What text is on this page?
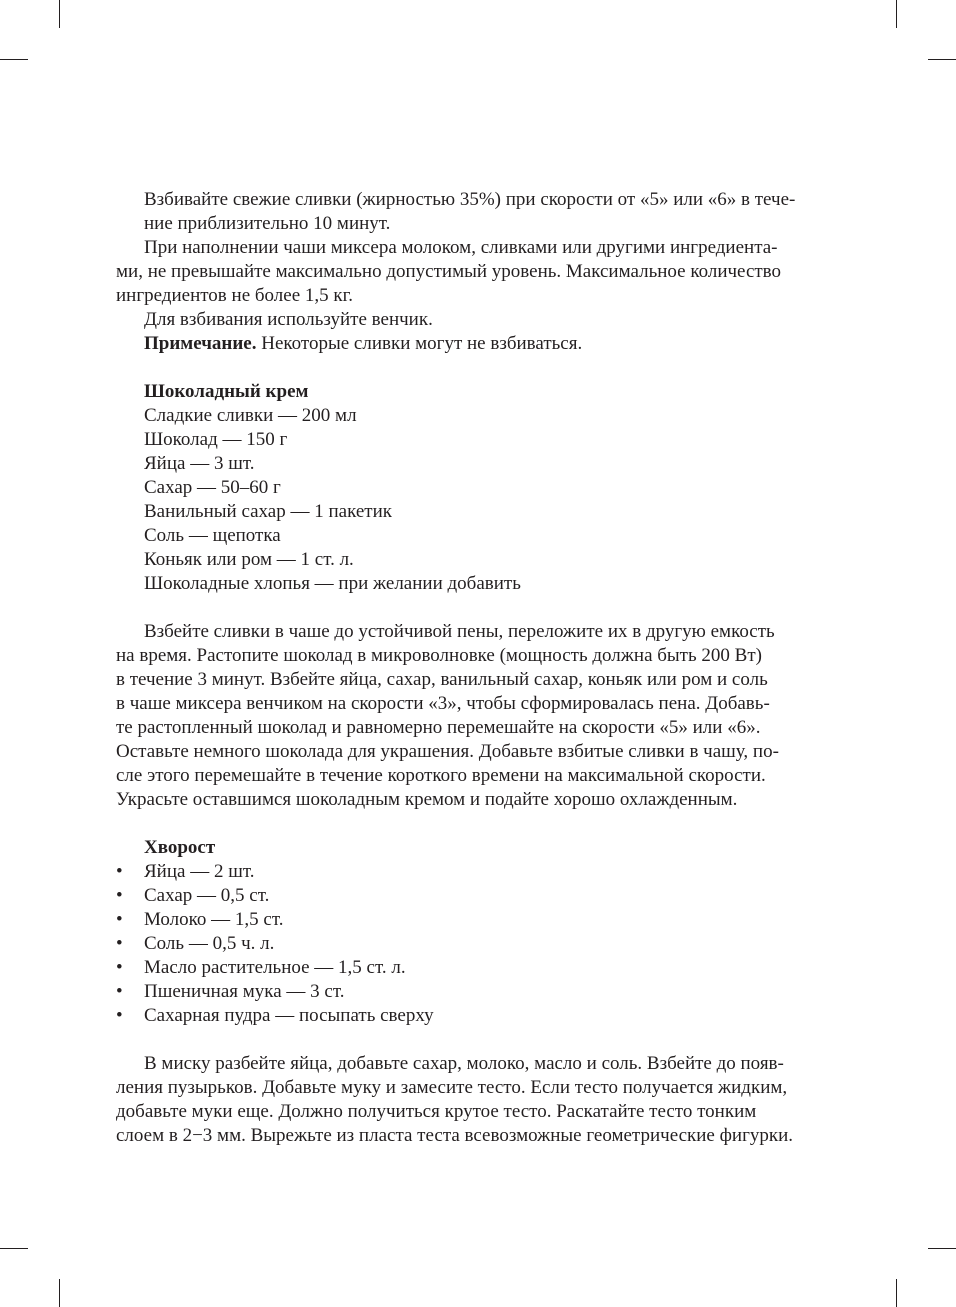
Взбивайте свежие сливки (жирностью 35%) при скорости от «5» или «6» в тече-
ние приблизительно 10 минут.
При наполнении чаши миксера молоком, сливками или другими ингредиента-
ми, не превышайте максимально допустимый уровень. Максимальное количество
ингредиентов не более 1,5 кг.
Для взбивания используйте венчик.
Примечание. Некоторые сливки могут не взбиваться.
Шоколадный крем
Сладкие сливки — 200 мл
Шоколад — 150 г
Яйца — 3 шт.
Сахар — 50–60 г
Ванильный сахар — 1 пакетик
Соль — щепотка
Коньяк или ром — 1 ст. л.
Шоколадные хлопья — при желании добавить
Взбейте сливки в чаше до устойчивой пены, переложите их в другую емкость
на время. Растопите шоколад в микроволновке (мощность должна быть 200 Вт)
в течение 3 минут. Взбейте яйца, сахар, ванильный сахар, коньяк или ром и соль
в чаше миксера венчиком на скорости «3», чтобы сформировалась пена. Добавь-
те растопленный шоколад и равномерно перемешайте на скорости «5» или «6».
Оставьте немного шоколада для украшения. Добавьте взбитые сливки в чашу, по-
сле этого перемешайте в течение короткого времени на максимальной скорости.
Украсьте оставшимся шоколадным кремом и подайте хорошо охлажденным.
Хворост
• Яйца — 2 шт.
• Сахар — 0,5 ст.
• Молоко — 1,5 ст.
• Соль — 0,5 ч. л.
• Масло растительное — 1,5 ст. л.
• Пшеничная мука — 3 ст.
• Сахарная пудра — посыпать сверху
В миску разбейте яйца, добавьте сахар, молоко, масло и соль. Взбейте до появ-
ления пузырьков. Добавьте муку и замесите тесто. Если тесто получается жидким,
добавьте муки еще. Должно получиться крутое тесто. Раскатайте тесто тонким
слоем в 2−3 мм. Вырежьте из пласта теста всевозможные геометрические фигурки.
